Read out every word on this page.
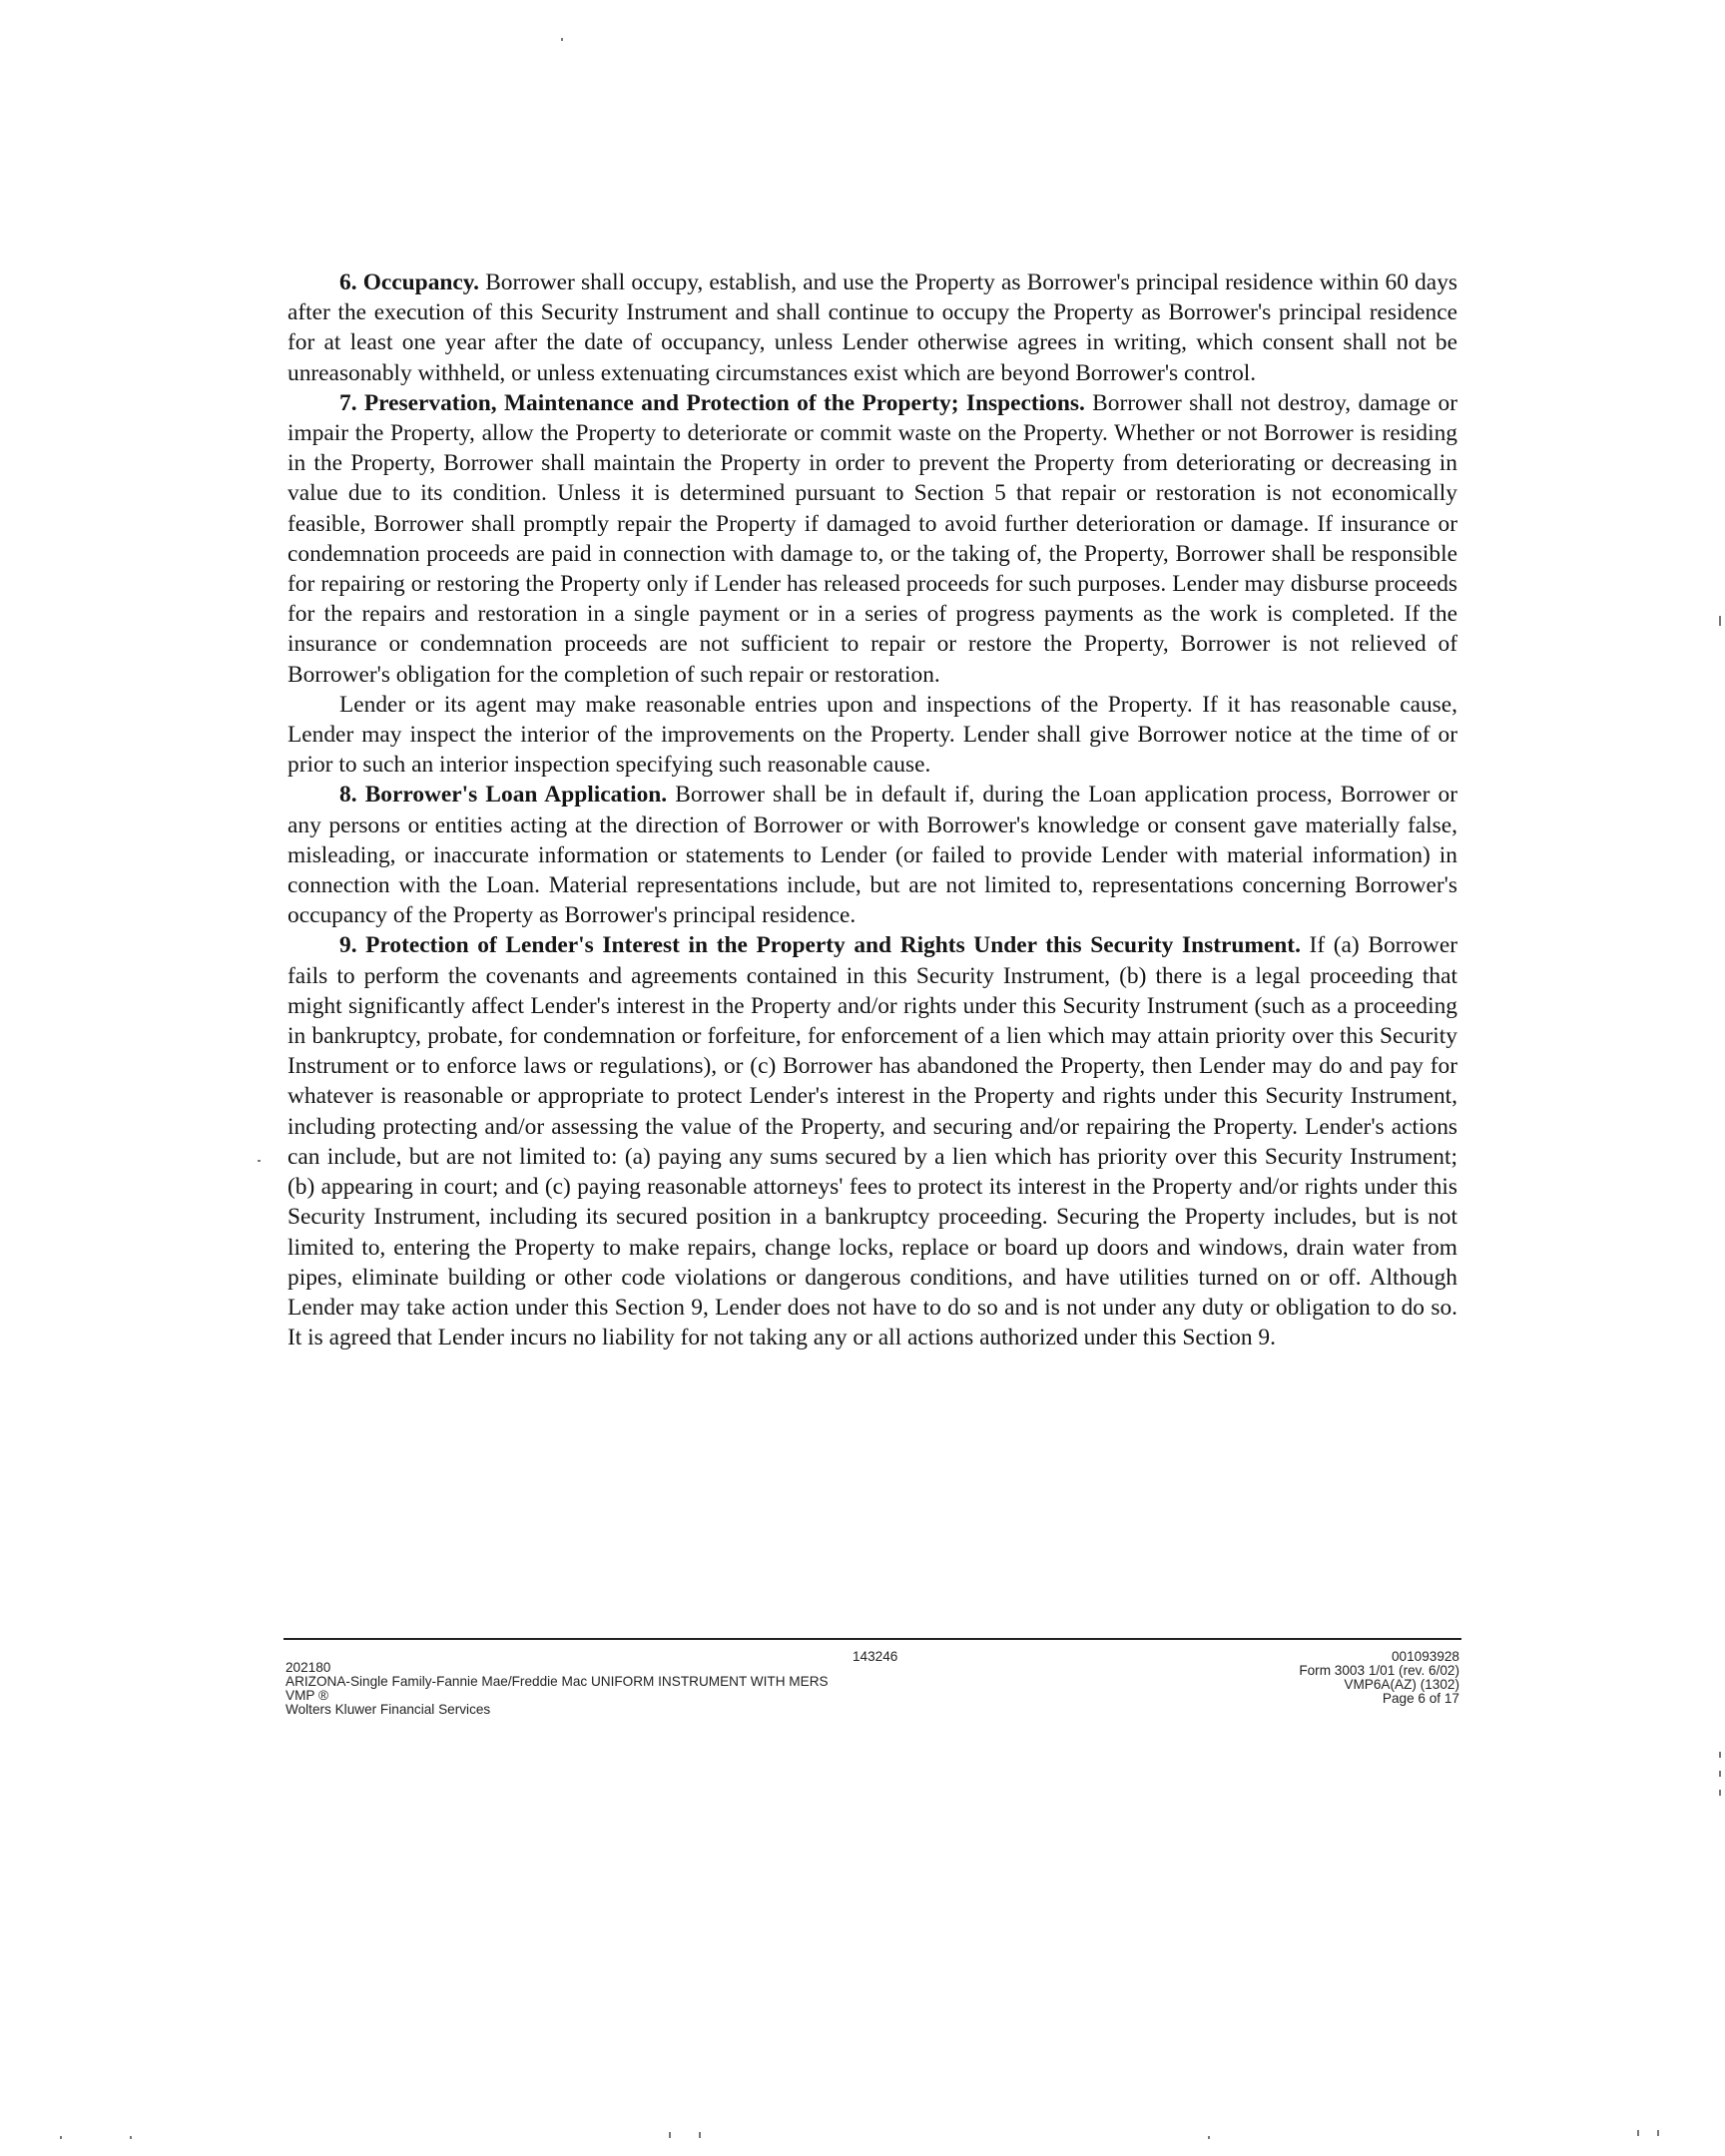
6. Occupancy. Borrower shall occupy, establish, and use the Property as Borrower's principal residence within 60 days after the execution of this Security Instrument and shall continue to occupy the Property as Borrower's principal residence for at least one year after the date of occupancy, unless Lender otherwise agrees in writing, which consent shall not be unreasonably withheld, or unless extenuating circumstances exist which are beyond Borrower's control.

7. Preservation, Maintenance and Protection of the Property; Inspections. Borrower shall not destroy, damage or impair the Property, allow the Property to deteriorate or commit waste on the Property. Whether or not Borrower is residing in the Property, Borrower shall maintain the Property in order to prevent the Property from deteriorating or decreasing in value due to its condition. Unless it is determined pursuant to Section 5 that repair or restoration is not economically feasible, Borrower shall promptly repair the Property if damaged to avoid further deterioration or damage. If insurance or condemnation proceeds are paid in connection with damage to, or the taking of, the Property, Borrower shall be responsible for repairing or restoring the Property only if Lender has released proceeds for such purposes. Lender may disburse proceeds for the repairs and restoration in a single payment or in a series of progress payments as the work is completed. If the insurance or condemnation proceeds are not sufficient to repair or restore the Property, Borrower is not relieved of Borrower's obligation for the completion of such repair or restoration.

Lender or its agent may make reasonable entries upon and inspections of the Property. If it has reasonable cause, Lender may inspect the interior of the improvements on the Property. Lender shall give Borrower notice at the time of or prior to such an interior inspection specifying such reasonable cause.

8. Borrower's Loan Application. Borrower shall be in default if, during the Loan application process, Borrower or any persons or entities acting at the direction of Borrower or with Borrower's knowledge or consent gave materially false, misleading, or inaccurate information or statements to Lender (or failed to provide Lender with material information) in connection with the Loan. Material representations include, but are not limited to, representations concerning Borrower's occupancy of the Property as Borrower's principal residence.

9. Protection of Lender's Interest in the Property and Rights Under this Security Instrument. If (a) Borrower fails to perform the covenants and agreements contained in this Security Instrument, (b) there is a legal proceeding that might significantly affect Lender's interest in the Property and/or rights under this Security Instrument (such as a proceeding in bankruptcy, probate, for condemnation or forfeiture, for enforcement of a lien which may attain priority over this Security Instrument or to enforce laws or regulations), or (c) Borrower has abandoned the Property, then Lender may do and pay for whatever is reasonable or appropriate to protect Lender's interest in the Property and rights under this Security Instrument, including protecting and/or assessing the value of the Property, and securing and/or repairing the Property. Lender's actions can include, but are not limited to: (a) paying any sums secured by a lien which has priority over this Security Instrument; (b) appearing in court; and (c) paying reasonable attorneys' fees to protect its interest in the Property and/or rights under this Security Instrument, including its secured position in a bankruptcy proceeding. Securing the Property includes, but is not limited to, entering the Property to make repairs, change locks, replace or board up doors and windows, drain water from pipes, eliminate building or other code violations or dangerous conditions, and have utilities turned on or off. Although Lender may take action under this Section 9, Lender does not have to do so and is not under any duty or obligation to do so. It is agreed that Lender incurs no liability for not taking any or all actions authorized under this Section 9.

202180
ARIZONA-Single Family-Fannie Mae/Freddie Mac UNIFORM INSTRUMENT WITH MERS
VMP ®
Wolters Kluwer Financial Services
143246	001093928
Form 3003 1/01 (rev. 6/02)
VMP6A(AZ) (1302)
Page 6 of 17
